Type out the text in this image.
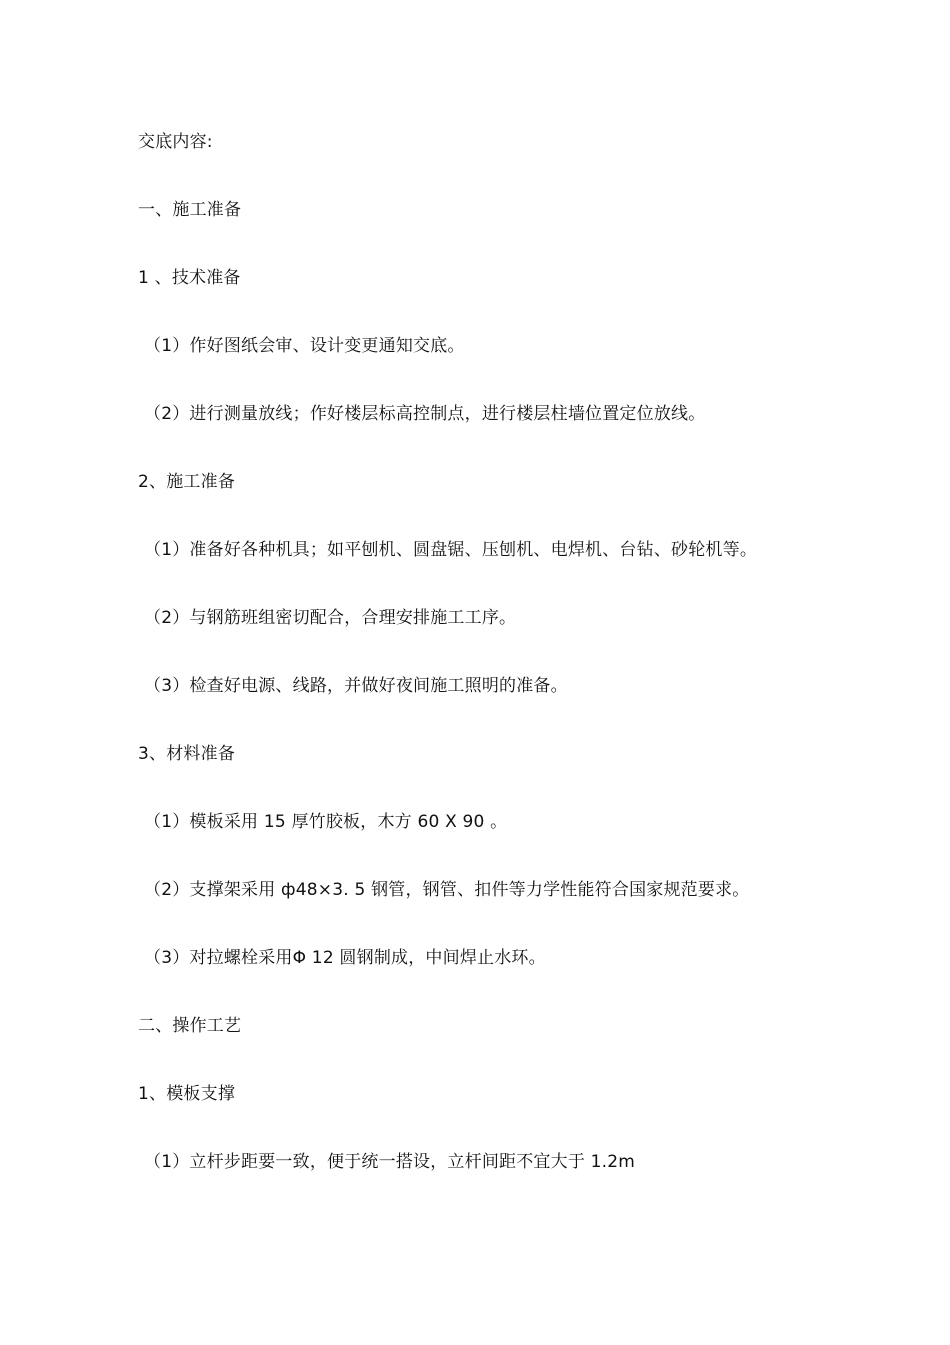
交底内容:
一、施工准备
1 、技术准备
（1）作好图纸会审、设计变更通知交底。
（2）进行测量放线；作好楼层标高控制点，进行楼层柱墙位置定位放线。
2、施工准备
（1）准备好各种机具；如平刨机、圆盘锯、压刨机、电焊机、台钻、砂轮机等。
（2）与钢筋班组密切配合，合理安排施工工序。
（3）检查好电源、线路，并做好夜间施工照明的准备。
3、材料准备
（1）模板采用 15 厚竹胶板，木方 60 X 90 。
（2）支撑架采用 ф48×3. 5 钢管，钢管、扣件等力学性能符合国家规范要求。
（3）对拉螺栓采用Φ 12 圆钢制成，中间焊止水环。
二、操作工艺
1、模板支撑
（1）立杆步距要一致，便于统一搭设，立杆间距不宜大于 1.2m
